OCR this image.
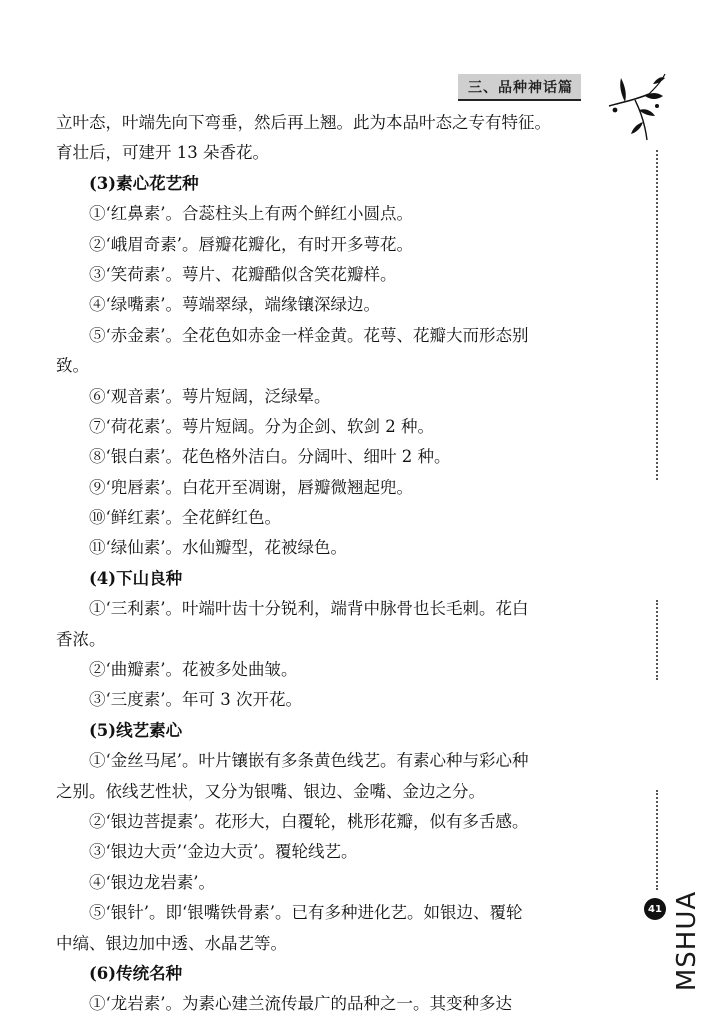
三、品种神话篇
立叶态，叶端先向下弯垂，然后再上翘。此为本品叶态之专有特征。
育壮后，可建开 13 朵香花。
(3)素心花艺种
①‘红鼻素’。合蕊柱头上有两个鲜红小圆点。
②‘峨眉奇素’。唇瓣花瓣化，有时开多萼花。
③‘笑荷素’。萼片、花瓣酷似含笑花瓣样。
④‘绿嘴素’。萼端翠绿，端缘镶深绿边。
⑤‘赤金素’。全花色如赤金一样金黄。花萼、花瓣大而形态别
致。
⑥‘观音素’。萼片短阔，泛绿晕。
⑦‘荷花素’。萼片短阔。分为企剑、软剑 2 种。
⑧‘银白素’。花色格外洁白。分阔叶、细叶 2 种。
⑨‘兜唇素’。白花开至凋谢，唇瓣微翘起兜。
⑩‘鲜红素’。全花鲜红色。
⑪‘绿仙素’。水仙瓣型，花被绿色。
(4)下山良种
①‘三利素’。叶端叶齿十分锐利，端背中脉骨也长毛刺。花白
香浓。
②‘曲瓣素’。花被多处曲皱。
③‘三度素’。年可 3 次开花。
(5)线艺素心
①‘金丝马尾’。叶片镶嵌有多条黄色线艺。有素心种与彩心种
之别。依线艺性状，又分为银嘴、银边、金嘴、金边之分。
②‘银边菩提素’。花形大，白覆轮，桃形花瓣，似有多舌感。
③‘银边大贡’‘金边大贡’。覆轮线艺。
④‘银边龙岩素’。
⑤‘银针’。即‘银嘴铁骨素’。已有多种进化艺。如银边、覆轮
中缟、银边加中透、水晶艺等。
(6)传统名种
①‘龙岩素’。为素心建兰流传最广的品种之一。其变种多达
41 MSHUA
